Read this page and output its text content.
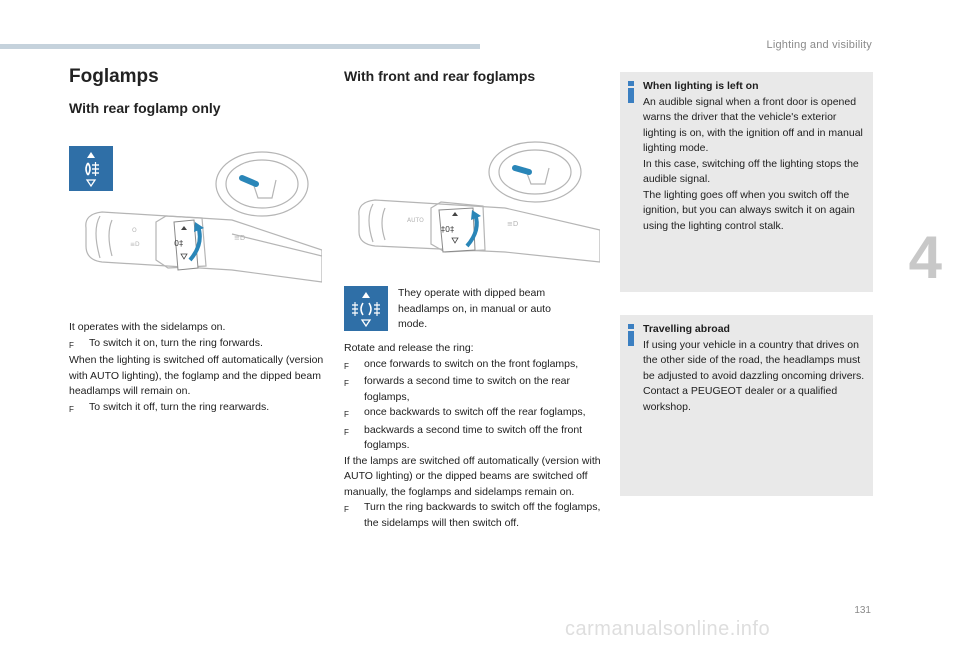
Lighting and visibility
4
131
Foglamps
With rear foglamp only
With front and rear foglamps
0‡
≡D
O
≡D

It operates with the sidelamps on.

F	To switch it on, turn the ring forwards.

When the lighting is switched off automatically (version with AUTO lighting), the foglamp and the dipped beam headlamps will remain on.

F	To switch it off, turn the ring rearwards.
AUTO
‡0‡
≡D
They operate with dipped beam headlamps on, in manual or auto mode.

Rotate and release the ring:

F	once forwards to switch on the front foglamps,
F	forwards a second time to switch on the rear foglamps,
F	once backwards to switch off the rear foglamps,
F	backwards a second time to switch off the front foglamps.

If the lamps are switched off automatically (version with AUTO lighting) or the dipped beams are switched off manually, the foglamps and sidelamps remain on.

F	Turn the ring backwards to switch off the foglamps, the sidelamps will then switch off.
When lighting is left on

An audible signal when a front door is opened warns the driver that the vehicle's exterior lighting is on, with the ignition off and in manual lighting mode.

In this case, switching off the lighting stops the audible signal.

The lighting goes off when you switch off the ignition, but you can always switch it on again using the lighting control stalk.

Travelling abroad

If using your vehicle in a country that drives on the other side of the road, the headlamps must be adjusted to avoid dazzling oncoming drivers.

Contact a PEUGEOT dealer or a qualified workshop.

carmanualsonline.info
